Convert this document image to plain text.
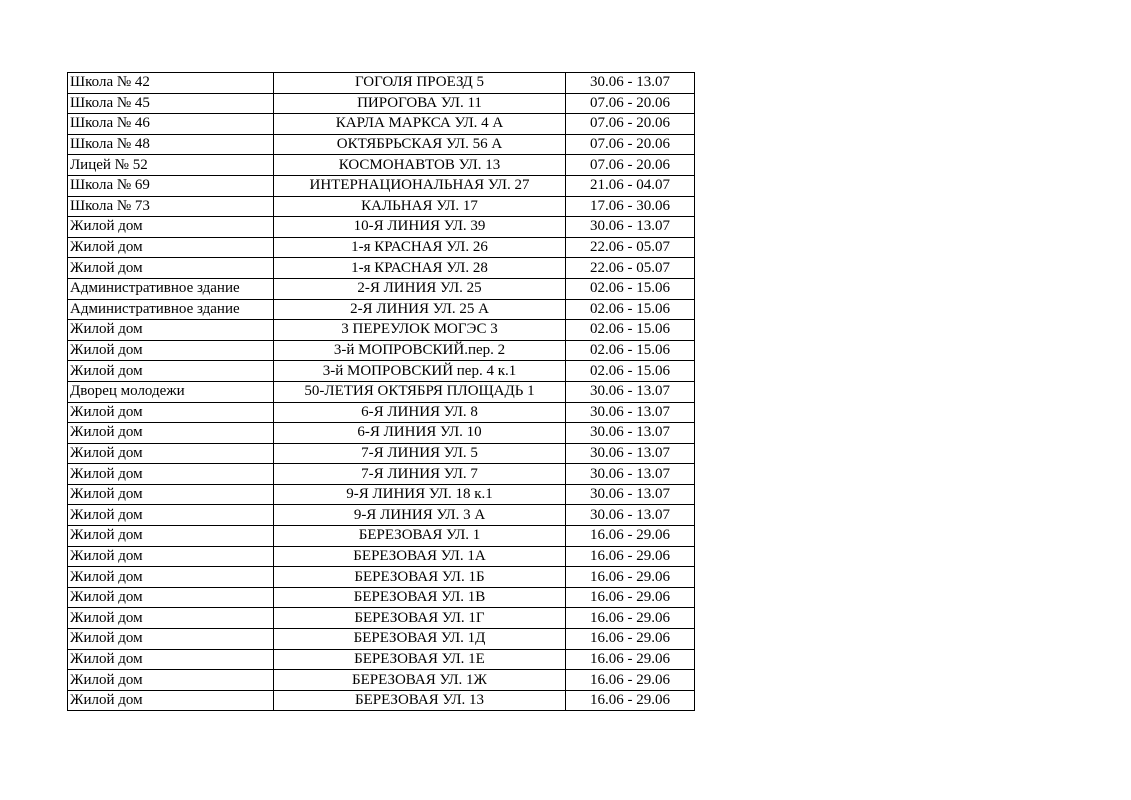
Школа № 42	ГОГОЛЯ ПРОЕЗД 5	30.06 - 13.07
Школа № 45	ПИРОГОВА УЛ. 11	07.06 - 20.06
Школа № 46	КАРЛА МАРКСА УЛ. 4 А	07.06 - 20.06
Школа № 48	ОКТЯБРЬСКАЯ УЛ. 56 А	07.06 - 20.06
Лицей № 52	КОСМОНАВТОВ УЛ. 13	07.06 - 20.06
Школа № 69	ИНТЕРНАЦИОНАЛЬНАЯ УЛ. 27	21.06 - 04.07
Школа № 73	КАЛЬНАЯ УЛ. 17	17.06 - 30.06
Жилой дом	10-Я ЛИНИЯ УЛ. 39	30.06 - 13.07
Жилой дом	1-я КРАСНАЯ УЛ. 26	22.06 - 05.07
Жилой дом	1-я КРАСНАЯ УЛ. 28	22.06 - 05.07
Административное здание	2-Я ЛИНИЯ УЛ. 25	02.06 - 15.06
Административное здание	2-Я ЛИНИЯ УЛ. 25 А	02.06 - 15.06
Жилой дом	3 ПЕРЕУЛОК МОГЭС 3	02.06 - 15.06
Жилой дом	3-й МОПРОВСКИЙ.пер. 2	02.06 - 15.06
Жилой дом	3-й МОПРОВСКИЙ пер. 4 к.1	02.06 - 15.06
Дворец молодежи	50-ЛЕТИЯ ОКТЯБРЯ ПЛОЩАДЬ 1	30.06 - 13.07
Жилой дом	6-Я ЛИНИЯ УЛ. 8	30.06 - 13.07
Жилой дом	6-Я ЛИНИЯ УЛ. 10	30.06 - 13.07
Жилой дом	7-Я ЛИНИЯ УЛ. 5	30.06 - 13.07
Жилой дом	7-Я ЛИНИЯ УЛ. 7	30.06 - 13.07
Жилой дом	9-Я ЛИНИЯ УЛ. 18 к.1	30.06 - 13.07
Жилой дом	9-Я ЛИНИЯ УЛ. 3 А	30.06 - 13.07
Жилой дом	БЕРЕЗОВАЯ УЛ. 1	16.06 - 29.06
Жилой дом	БЕРЕЗОВАЯ УЛ. 1А	16.06 - 29.06
Жилой дом	БЕРЕЗОВАЯ УЛ. 1Б	16.06 - 29.06
Жилой дом	БЕРЕЗОВАЯ УЛ. 1В	16.06 - 29.06
Жилой дом	БЕРЕЗОВАЯ УЛ. 1Г	16.06 - 29.06
Жилой дом	БЕРЕЗОВАЯ УЛ. 1Д	16.06 - 29.06
Жилой дом	БЕРЕЗОВАЯ УЛ. 1Е	16.06 - 29.06
Жилой дом	БЕРЕЗОВАЯ УЛ. 1Ж	16.06 - 29.06
Жилой дом	БЕРЕЗОВАЯ УЛ. 13	16.06 - 29.06
